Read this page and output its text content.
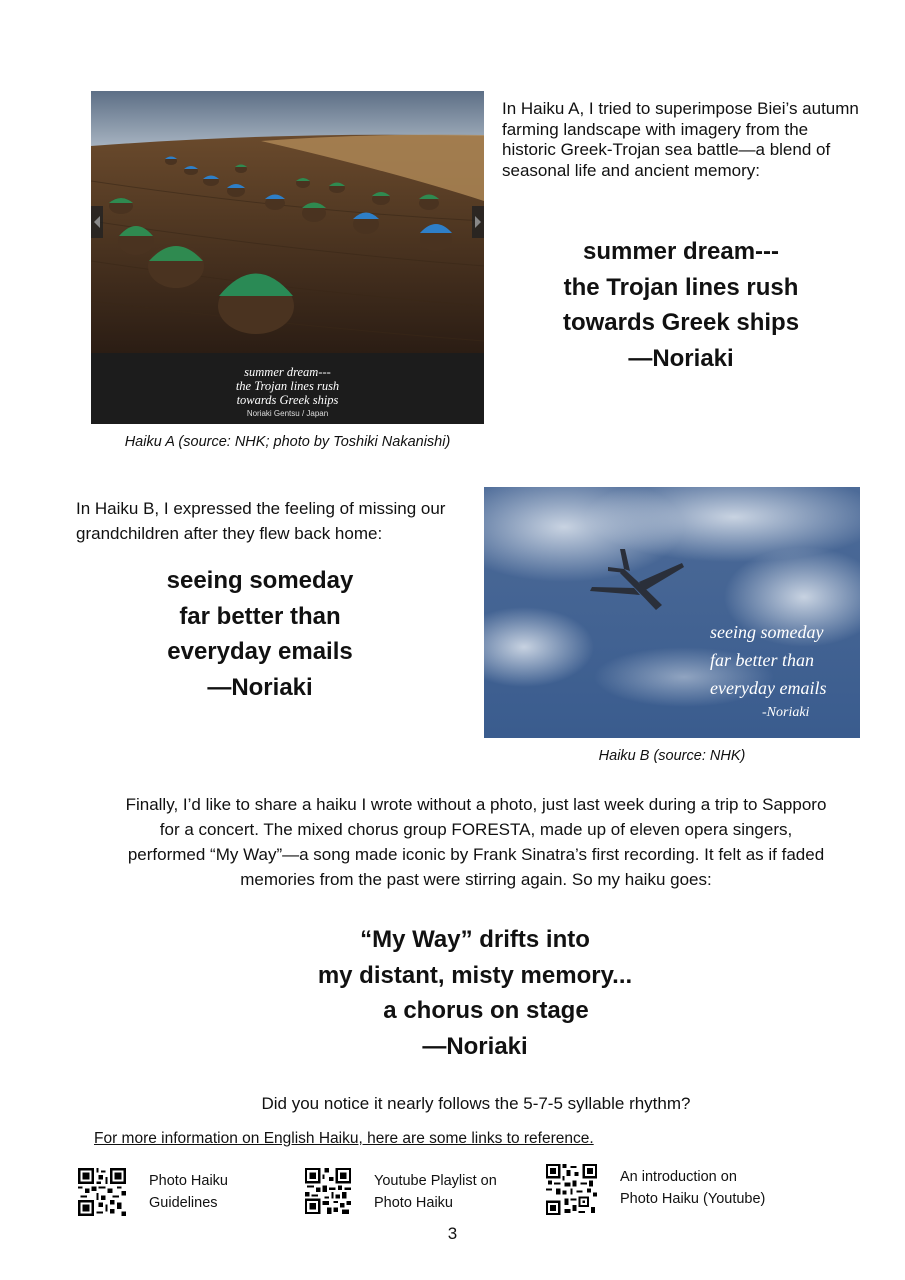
summer dream---
the Trojan lines rush
towards Greek ships
Noriaki Gentsu / Japan
Haiku A (source: NHK; photo by Toshiki Nakanishi)
In Haiku A, I tried to superimpose Biei’s autumn farming landscape with imagery from the historic Greek-Trojan sea battle—a blend of seasonal life and ancient memory:
summer dream---
the Trojan lines rush
towards Greek ships
—Noriaki
In Haiku B, I expressed the feeling of missing our grandchildren after they flew back home:
seeing someday
far better than
everyday emails
—Noriaki
seeing someday
far better than
everyday emails
-Noriaki
Haiku B (source: NHK)
Finally, I’d like to share a haiku I wrote without a photo, just last week during a trip to Sapporo for a concert. The mixed chorus group FORESTA, made up of eleven opera singers, performed “My Way”—a song made iconic by Frank Sinatra’s first recording. It felt as if faded memories from the past were stirring again. So my haiku goes:
“My Way” drifts into
my distant, misty memory...
a chorus on stage
—Noriaki
Did you notice it nearly follows the 5-7-5 syllable rhythm?
For more information on English Haiku, here are some links to reference.
Photo Haiku
Guidelines
Youtube Playlist on
Photo Haiku
An introduction on
Photo Haiku (Youtube)
3
